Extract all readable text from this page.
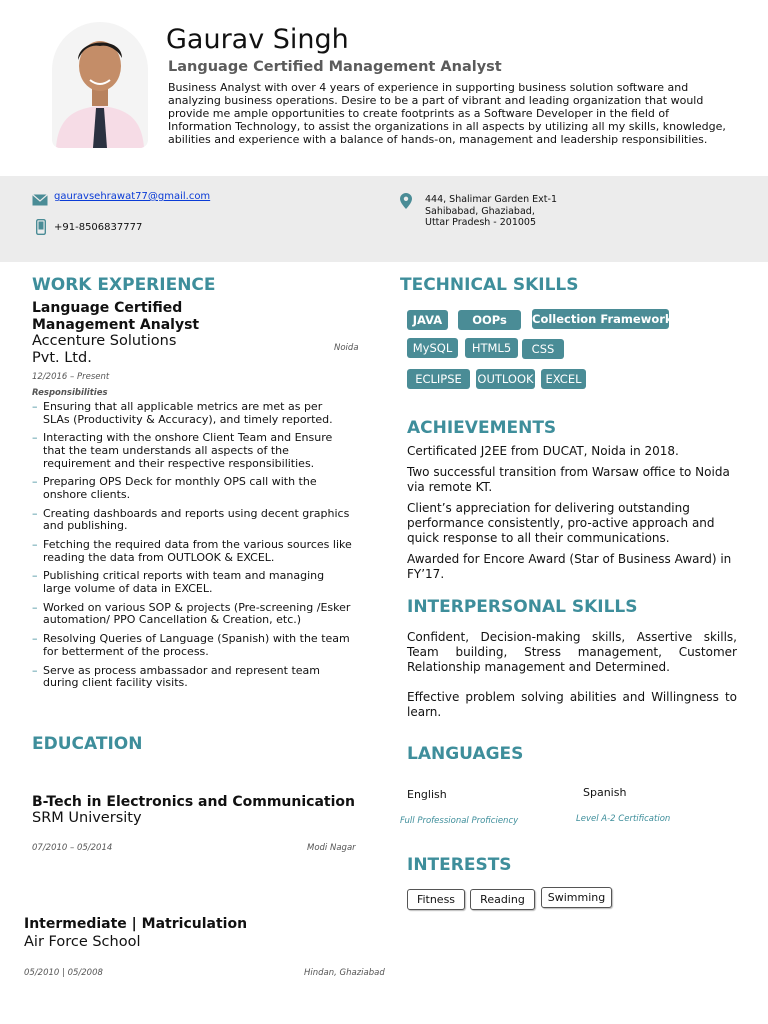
Gaurav Singh
Language Certified Management Analyst
Business Analyst with over 4 years of experience in supporting business solution software and analyzing business operations. Desire to be a part of vibrant and leading organization that would provide me ample opportunities to create footprints as a Software Developer in the field of Information Technology, to assist the organizations in all aspects by utilizing all my skills, knowledge, abilities and experience with a balance of hands-on, management and leadership responsibilities.
gauravsehrawat77@gmail.com
+91-8506837777
444, Shalimar Garden Ext-1
Sahibabad, Ghaziabad,
Uttar Pradesh - 201005
WORK EXPERIENCE
Language Certified Management Analyst
Accenture Solutions Pvt. Ltd.
Noida
12/2016 – Present
Responsibilities
– Ensuring that all applicable metrics are met as per SLAs (Productivity & Accuracy), and timely reported.
– Interacting with the onshore Client Team and Ensure that the team understands all aspects of the requirement and their respective responsibilities.
– Preparing OPS Deck for monthly OPS call with the onshore clients.
– Creating dashboards and reports using decent graphics and publishing.
– Fetching the required data from the various sources like reading the data from OUTLOOK & EXCEL.
– Publishing critical reports with team and managing large volume of data in EXCEL.
– Worked on various SOP & projects (Pre-screening /Esker automation/ PPO Cancellation & Creation, etc.)
– Resolving Queries of Language (Spanish) with the team for betterment of the process.
– Serve as process ambassador and represent team during client facility visits.
EDUCATION
B-Tech in Electronics and Communication
SRM University
07/2010 – 05/2014	Modi Nagar
Intermediate | Matriculation
Air Force School
05/2010 | 05/2008	Hindan, Ghaziabad
TECHNICAL SKILLS
JAVA	OOPs	Collection Framework
MySQL	HTML5	CSS
ECLIPSE	OUTLOOK	EXCEL
ACHIEVEMENTS
Certificated J2EE from DUCAT, Noida in 2018.
Two successful transition from Warsaw office to Noida via remote KT.
Client’s appreciation for delivering outstanding performance consistently, pro-active approach and quick response to all their communications.
Awarded for Encore Award (Star of Business Award) in FY’17.
INTERPERSONAL SKILLS
Confident, Decision-making skills, Assertive skills, Team building, Stress management, Customer Relationship management and Determined.
Effective problem solving abilities and Willingness to learn.
LANGUAGES
English
Full Professional Proficiency
Spanish
Level A-2 Certification
INTERESTS
Fitness	Reading	Swimming
